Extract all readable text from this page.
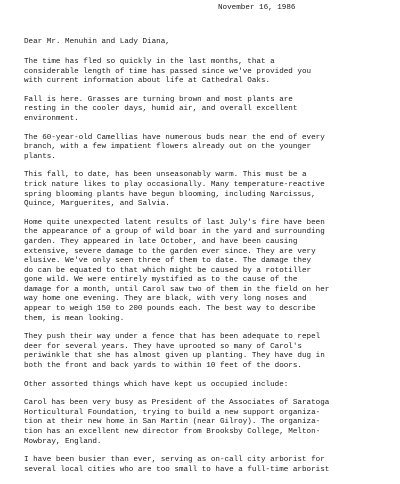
November 16, 1986
Dear Mr. Menuhin and Lady Diana,

The time has fled so quickly in the last months, that a
considerable length of time has passed since we've provided you
with current information about life at Cathedral Oaks.

Fall is here. Grasses are turning brown and most plants are
resting in the cooler days, humid air, and overall excellent
environment.

The 60-year-old Camellias have numerous buds near the end of every
branch, with a few impatient flowers already out on the younger
plants.

This fall, to date, has been unseasonably warm. This must be a
trick nature likes to play occasionally. Many temperature-reactive
spring blooming plants have begun blooming, including Narcissus,
Quince, Marguerites, and Salvia.

Home quite unexpected latent results of last July's fire have been
the appearance of a group of wild boar in the yard and surrounding
garden. They appeared in late October, and have been causing
extensive, severe damage to the garden ever since. They are very
elusive. We've only seen three of them to date. The damage they
do can be equated to that which might be caused by a rototiller
gone wild. We were entirely mystified as to the cause of the
damage for a month, until Carol saw two of them in the field on her
way home one evening. They are black, with very long noses and
appear to weigh 150 to 200 pounds each. The best way to describe
them, is mean looking.

They push their way under a fence that has been adequate to repel
deer for several years. They have uprooted so many of Carol's
periwinkle that she has almost given up planting. They have dug in
both the front and back yards to within 10 feet of the doors.

Other assorted things which have kept us occupied include:

Carol has been very busy as President of the Associates of Saratoga
Horticultural Foundation, trying to build a new support organiza-
tion at their new home in San Martin (near Gilroy). The organiza-
tion has an excellent new director from Brooksby College, Melton-
Mowbray, England.

I have been busier than ever, serving as on-call city arborist for
several local cities who are too small to have a full-time arborist
